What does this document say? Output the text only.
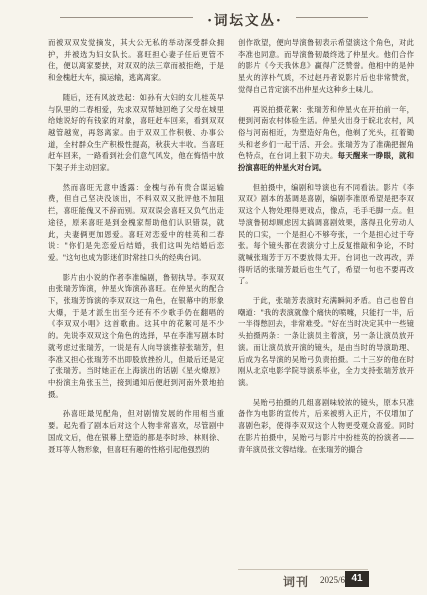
·词坛文丛·

而被双双发觉摘发，其大公无私的举动深受群众拥护，并被选为妇女队长。喜旺担心妻子任后更管不住，便以离家要挟，对双双的法三章而被拒绝，于是和金槐赶大车，搞运输，逃离离家。

随后，还有风波迭起：如孙有大妇的女儿桂英早与队里的二春相爱，先求双双帮她回绝了父母在城里给她说好的有钱家的对象，喜旺赶车回来，看到双双越管越宽，再怒离家。由于双双工作积极、办事公道，全村群众生产积极性提高，秋获大丰收。当喜旺赶车回来，一路看到社会们意气风发，他在悔悟中放下架子并主动回家。

然而喜旺无意中透露：金槐与孙有贵合谋运输费，但自己坚决没该出，不料双双又批评他不加阻拦，喜旺能傀又不辞而别。双双误会喜旺又负气出走途径，原来喜旺是到金槐家帮助他们认识错误，就此，夫妻俩更加恩爱。喜旺对恋爱中的桂英和二春说："你们是先恋爱后结婚，我们这叫先结婚后恋爱。"这句也成为影迷们时常挂口头的经典台词。

影片由小说的作者李准编剧，鲁韧执导。李双双由张瑞芳饰演，仲星火饰演孙喜旺。在仲星火的配合下，张瑞芳饰演的李双双这一角色，在银幕中的形象大爆，于是才派生出至今还有不少歌手仍在翻唱的《李双双小唱》这首歌曲。这其中的花絮可是不少的。先说李双双这个角色的选择，早在李准写剧本时就考虑过张瑞芳，一说是有人向导演推荐张瑞芳，但李准又担心张瑞芳不出即股放挫扮儿，但最后还是定了张瑞芳。当时她正在上海演出的话剧《星火燎原》中扮演主角张玉兰，接到通知后便赶到河南外景地拍摄。

孙喜旺最见配角，但对剧情发展的作用相当重要。起先看了剧本后对这个人物非常喜欢，尽管剧中国成文后，他在银幕上塑造的都是李时珍、林则徐、聂耳等人物形象，但喜旺有趣的性格引起他强烈的

创作欲望，便向导演鲁韧表示希望演这个角色，对此李准也同意。而导演鲁韧最终选了仲星火。他们合作的影片《今天我休息》赢得广泛赞誉。他相中的是仲星火的淳朴气质，不过赵丹者说影片后也非常赞赏，觉得自己肯定演不出仲星火这种乡土味儿。

再说拍摄花絮：张瑞芳和仲星火在开拍前一年，便到河南农村体验生活。仲星火出身于皖北农村，风俗与河南相近，为塑造好角色，他剃了光头，扛着锄头和老乡们一起干活、开会。张瑞芳为了准确把握角色特点，在台词上狠下功夫。每天醒来一睁眼，就和扮演喜旺的仲星火对台词。

但拍摄中，编剧和导演也有不同看法。影片《李双双》剧本的基调是喜剧，编剧李准原希望是把李双双这个人物处理得更戏点，像点，毛手毛脚一点。但导演鲁韧却顾虑因太搞调喜剧效果，落得丑化劳动人民的口实，一个是担心不够夸张，一个是担心过于夸张。每个镜头都在表演分寸上反复推敲和争论，不时就喊张瑞芳于万不要放得太开。台词也一改再改，弄得听话的张瑞芳最后也生气了，希望一句也不要再改了。

于此，张瑞芳表演时充满瞬间矛盾。自己也曾自嘲道："我的表演就像个痛快的喷嚏，只能打一半，后一半得憋回去，非常难受。"好在当时决定其中一些镜头拍摄两条：一条让演员主着演，另一条让演员放开演。而让演员放开演的镜头，是由当时的导演助理、后成为名导演的吴贻弓负责拍摄。二十三岁的他在时刚从北京电影学院导演系毕业，全力支持张瑞芳放开演。

吴贻弓拍摄的几组喜剧味较浓的镜头，原本只准备作为电影的宣传片，后来被剪入正片，不仅增加了喜剧色彩，使得李双双这个人物更受观众喜爱。同时在影片拍摄中，吴贻弓与影片中扮桂英的扮演者——青年演员张文蓉结缘。在张瑞芳的撮合

词刊 2025/6 41
